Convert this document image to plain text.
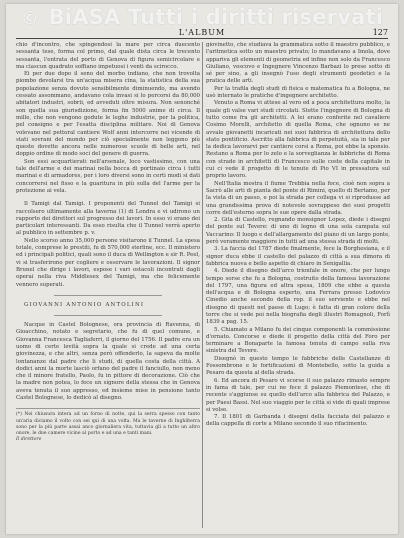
© BiASA Tutti i diritti riservati
L'ALBUM	127

chio d'incontro, che spingendosi la mare per circa duecento sessanta tese, forma col primo, dal quale dista circa le trecento sessanta, l'entrata del porto di Genova di figura semicircolare e ma ciascun quadrato soffiano impetuosi i venti da scirocco.

Ei per due dopo il seno del morbo indiano, che non trovolta piombo devolarsi tra un'acqua misera cina, la statistica della sua popolazione senza dovuto sensibilmente diminuendo, ma avendo cessato assommano, andavano cola invasi si lo percorsi da 80,000 abitatori industri, sobrii, ed avveduti oltre misura. Non senonché son quella sua giurisdizione, forma fin 5000 anime di circa. Il mille, che non vengono godute le leghe industrie, per la politica, pel consigno e per l'esatta disciplina militare. Noi di Genova volevano nel pettoral cantiere Wolf anni intercorre nei vicende di stati sovrani del mondo per ciò specialmente non leggono più queste dovette ancora nelle numerose scuole di belle arti, nel doppio ordine di modo soci del genere di guerra.

Son essi acquartierati nell'arsenale, loco vastissimo, con una tale dell'arme e dei marinai nella bocca di portinaio circa i tutti marinai e di armadores, per i loro diversi sono in certi modi si dati concorrersi nel fisso e la guaritura in più sulla del l'arme per la protezione ai vela.

Il Tamigi dal Tamigi. I proponenti del Tunnel del Tamigi si raccolsero ultimamente alla taverna (1) di Londra e vi udirono un rapporto dei direttori sul progresso dei lavori. In esso vi erano dei particolari interessanti. Da esso risulta che il Tunnel verrà aperto al pubblico in settembre p. v.

Nello scorso anno 35,000 persone visitarono il Tunnel. La spesa totale, comprese le prestiti, fu di 570,000 sterline, ecc. Il ministero ed i principali politici, quali sono il duca di Wellington e sir R. Peel, vi si trasferirono per cogliere e osservare le lavorazioni. Il signor Brunel che dirige i lavori, espose i vari ostacoli incontrati dagli operai nella riva Middlesex del Tamigi, ma che felicemente vennero superati.

GIOVANNI ANTONIO ANTOLINI

Nacque in Castel Bolognese, ora provincia di Ravenna, di Gioacchino, notato e segretario, che fu di quel comune, e Giovanna Francesca Tagliaferri, il giorno del 1756. Il padre era un uomo di certe levità sopra la quale si crede ad una certa giovinezza, e che altri, senza però offenderlo, la sapeva da molte lontananze dal padre che li studi, di quella costa della città. A dodici anni la morte lasciò orfano del padre il fanciullo, non meno che il minore fratello, Paolo, fu in pittore di decorazione. Ciò che la madre non potea, lo fece un signore della stessa che in Genova aveva tenuta il suo appresso, ed insieme mise in pensione tanto Castel Bolognese, lo dedicò al disegno.

(*) Nei chiusura intera ad un forno di notte, qui la serra spesso con tanto un'aria diciamo il volto con sei qui di una volta. Ma le taverne di Inghilterra sono per la più parte assai anco giornaliera vita, tuttavia gli a tutto un altro onore, le due camere vicine al porto e ad una e tanti mani.

Il direttore

giovinetto, che studiava la grammatica sotto il maestro pubblico, e l'aritmetica sotto un maestro privato; lo mandavano a Imola, dove appariva gli elementi di geometria ed infine non solo da Francesco Giuliano, vescovo e Ingegnere Vincenzo Barbazi lo prese sotto di sé per sino, a gli insegnò l'uso degli strumenti geodetici e la pratica delle arti.

Per la trafila degli studi di fisica e matematica fu a Bologna, ne usò internato le pratiche d'ingegnere architetto.

Venuto a Roma vi attese al vero ed a poca architettura molto, la quale gli valse vari studi circolati. Stette l'ingegnere di Bologna di tutto come fra gli architetti. A lei erano conferite nel cavaliere Cosimo Morelli, architetto di quella Roma, che ognuno se ne avvale giovanetti incaricati nei suoi fabbrica di architettura dello stato pontificio. Ascritto alla fabbrica di perpetuità, sia in tale per la dedica lavorarvi per cantiere corsi a Roma, poi ebbe la sponsio. Restano a Roma per lo zelo e la sorveglianza le fabbriche di Roma con strade in architetti di Francesco sulle coste della capitale in cui ci vede il progetto di le tenute di Pio VI in pressatura sul proprio lavoro.

Nell'Italia mostra il fiume Trebbia nella foce, cioè non sopra a Sacrò alle arti di pianta del ponte di Rimini, quello di Bertamo, per la vista di un passo, e poi la strada per collega vi si riprodusse ad una grandissima prova di notevole sovrappeso dei suoi progetti corre dell'esterno sopra le sue opere dalla strada.

2. Gita di Castello, regnando monsignor Lopez, diede i disegni del ponte sul Tevere: di uno di legno di una sola campata sul Vaccarino: Il luogo e dell'allargamento del piano di un largo ponte, però veramente maggiore in tutti ad una stessa strada di molti.

3. La faccia del 1787 diede finalmente, fece la Borghesiana, e il signor duca ebbe il castello del palazzo di città a sua dimora di fabbrica nuova e bello aspetto di chiaro in Senigallia.

4. Diede il disegno dell'arco trionfale in onore, che per lungo tempo sorse che fu a Bologna, costruito della famosa lavorazione del 1797, una figura ed altra spesa, 1809 che ebbe a questa dell'acqua e di Bologna esperto, una Ferrara presso Lodovico Cinedio anche secondo della rep. il suo serviente e ebbe nel disegno di questi nel paese di Lugo; è fatta di gran colore della torre che si vede poi nella biografia degli illustri Romagnoli, Forlì 1839 a pag. 15.

5. Chiamato a Milano fu dei cinque componenti la commissione d'ornato. Concorse e diede il progetto della città del Foro per terminare a Bonaparte la famosa tenuta di campo sulla riva sinistra del Tevere.

Disegnò in questo tempo le fabbriche delle Castellanze di Fossombrone e le fortificazioni di Montebello, sotto la guida a Pesaro da questa al della strada.

6. Ed ancora di Pesaro vi scorse il suo palazzo rimasto sempre in fama di tale, per cui ne fece il palazzo Piemontese, che di recente s'aggiunse su quello dell'arco alla fabbrica del Palazzo, e per Paesi Bassi. Nel suo viaggio per le città si vide di quali imprese si volse.

7. Il 1801 di Garbanda i disegni della facciata del palazzo e della cappella di corte a Milano secondo il suo rifacimento.
